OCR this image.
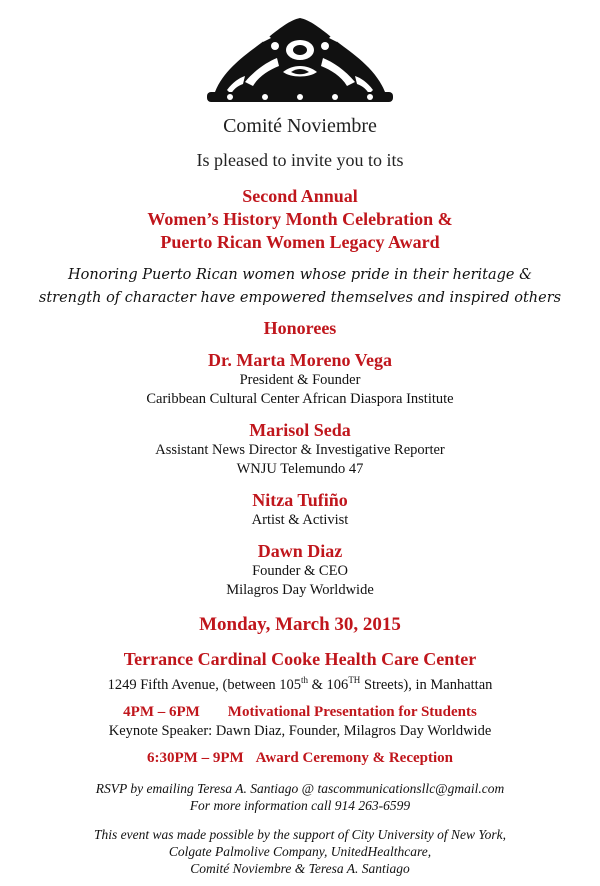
Comité Noviembre
Is pleased to invite you to its
Second Annual
Women’s History Month Celebration &
Puerto Rican Women Legacy Award
Honoring Puerto Rican women whose pride in their heritage &
strength of character have empowered themselves and inspired others
Honorees
Dr. Marta Moreno Vega
President & Founder
Caribbean Cultural Center African Diaspora Institute
Marisol Seda
Assistant News Director & Investigative Reporter
WNJU Telemundo 47
Nitza Tufiño
Artist & Activist
Dawn Diaz
Founder & CEO
Milagros Day Worldwide
Monday, March 30, 2015
Terrance Cardinal Cooke Health Care Center
1249 Fifth Avenue, (between 105th & 106TH Streets), in Manhattan
4PM – 6PM Motivational Presentation for Students
Keynote Speaker: Dawn Diaz, Founder, Milagros Day Worldwide
6:30PM – 9PM Award Ceremony & Reception
RSVP by emailing Teresa A. Santiago @ tascommunicationsllc@gmail.com
For more information call 914 263-6599
This event was made possible by the support of City University of New York,
Colgate Palmolive Company, UnitedHealthcare,
Comité Noviembre & Teresa A. Santiago
